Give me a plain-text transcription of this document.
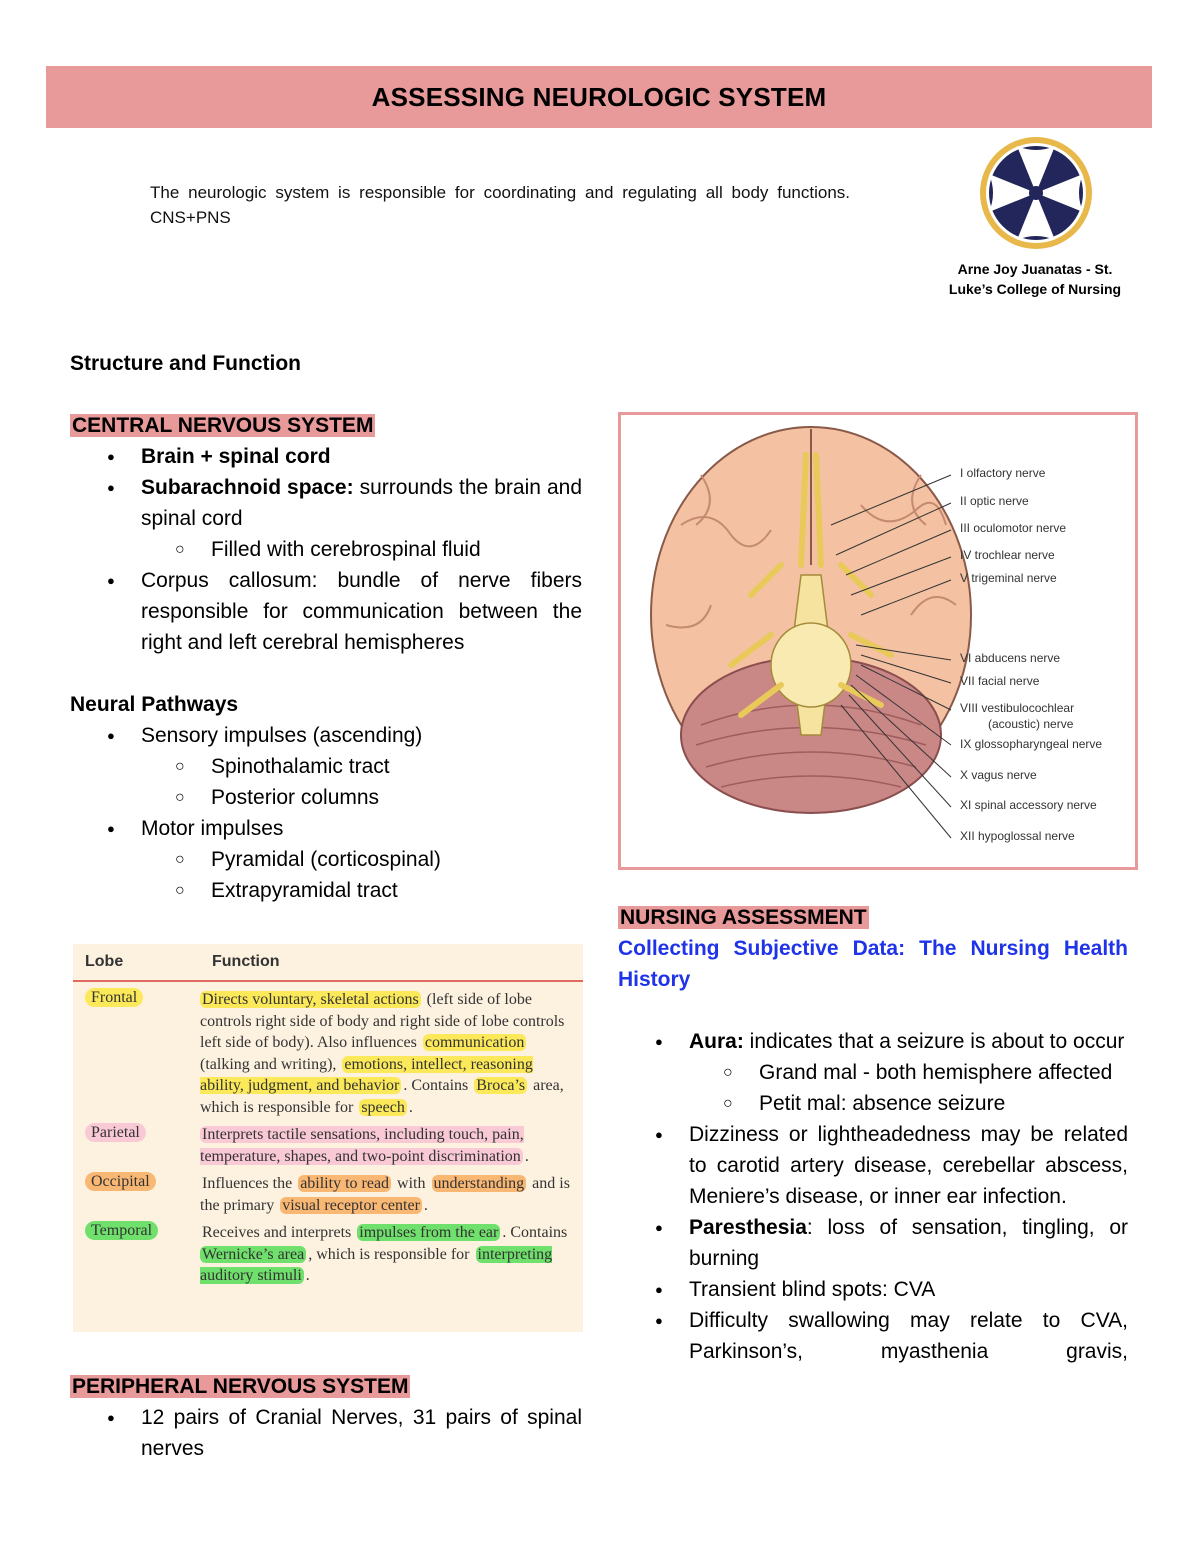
ASSESSING NEUROLOGIC SYSTEM
The neurologic system is responsible for coordinating and regulating all body functions. CNS+PNS
Arne Joy Juanatas - St.
Luke’s College of Nursing

Structure and Function

CENTRAL NERVOUS SYSTEM
● Brain + spinal cord
● Subarachnoid space: surrounds the brain and spinal cord
○ Filled with cerebrospinal fluid
● Corpus callosum: bundle of nerve fibers responsible for communication between the right and left cerebral hemispheres

Neural Pathways

● Sensory impulses (ascending)
○ Spinothalamic tract
○ Posterior columns
● Motor impulses
○ Pyramidal (corticospinal)
○ Extrapyramidal tract
Lobe	Function
Frontal	Directs voluntary, skeletal actions (left side of lobe controls right side of body and right side of lobe controls left side of body). Also influences communication (talking and writing), emotions, intellect, reasoning ability, judgment, and behavior . Contains Broca’s area, which is responsible for speech .
Parietal	Interprets tactile sensations, including touch, pain, temperature, shapes, and two-point discrimination .
Occipital	Influences the ability to read with understanding and is the primary visual receptor center .
Temporal	Receives and interprets impulses from the ear . Contains Wernicke’s area , which is responsible for interpreting auditory stimuli .
PERIPHERAL NERVOUS SYSTEM
● 12 pairs of Cranial Nerves, 31 pairs of spinal nerves
I olfactory nerve
II optic nerve
III oculomotor nerve
IV trochlear nerve
V trigeminal nerve
VI abducens nerve
VII facial nerve
VIII vestibulocochlear
(acoustic) nerve
IX glossopharyngeal nerve
X vagus nerve
XI spinal accessory nerve
XII hypoglossal nerve
NURSING ASSESSMENT
Collecting Subjective Data: The Nursing Health History
● Aura: indicates that a seizure is about to occur
○ Grand mal - both hemisphere affected
○ Petit mal: absence seizure
● Dizziness or lightheadedness may be related to carotid artery disease, cerebellar abscess, Meniere’s disease, or inner ear infection.
● Paresthesia: loss of sensation, tingling, or burning
● Transient blind spots: CVA
● Difficulty swallowing may relate to CVA, Parkinson’s, myasthenia gravis,
